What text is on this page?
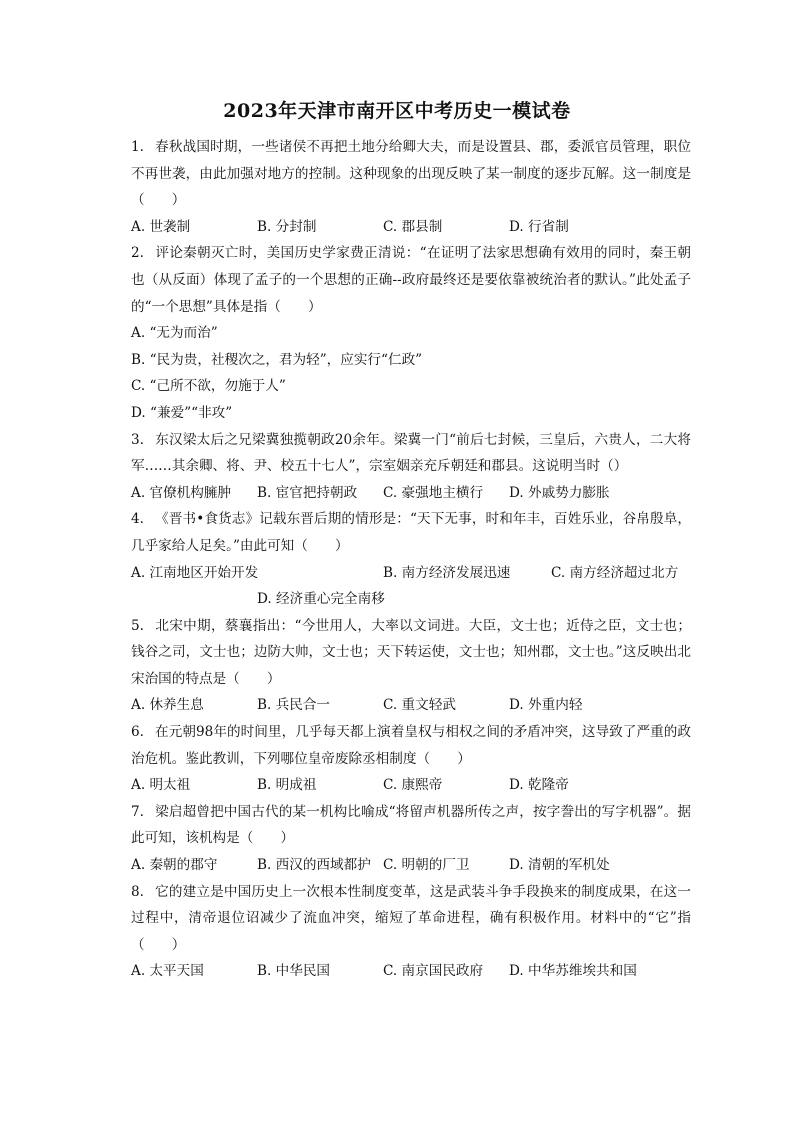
2023年天津市南开区中考历史一模试卷

1. 春秋战国时期，一些诸侯不再把土地分给卿大夫，而是设置县、郡，委派官员管理，职位不再世袭，由此加强对地方的控制。这种现象的出现反映了某一制度的逐步瓦解。这一制度是（　　）

A. 世袭制	B. 分封制	C. 郡县制	D. 行省制

2. 评论秦朝灭亡时，美国历史学家费正清说：“在证明了法家思想确有效用的同时，秦王朝也（从反面）体现了孟子的一个思想的正确--政府最终还是要依靠被统治者的默认。”此处孟子的“一个思想”具体是指（　　）

A. “无为而治”
B. “民为贵，社稷次之，君为轻”，应实行“仁政”
C. “己所不欲，勿施于人”
D. “兼爱”“非攻”

3. 东汉梁太后之兄梁冀独揽朝政20余年。梁冀一门“前后七封候，三皇后，六贵人，二大将军……其余卿、将、尹、校五十七人”，宗室姻亲充斥朝廷和郡县。这说明当时（）

A. 官僚机构臃肿	B. 宦官把持朝政	C. 豪强地主横行	D. 外戚势力膨胀

4. 《晋书•食货志》记载东晋后期的情形是：“天下无事，时和年丰，百姓乐业，谷帛殷阜，几乎家给人足矣。”由此可知（　　）

A. 江南地区开始开发	B. 南方经济发展迅速	C. 南方经济超过北方
D. 经济重心完全南移

5. 北宋中期，蔡襄指出：“今世用人，大率以文词进。大臣，文士也；近侍之臣，文士也；钱谷之司，文士也；边防大帅，文士也；天下转运使，文士也；知州郡，文士也。”这反映出北宋治国的特点是（　　）

A. 休养生息	B. 兵民合一	C. 重文轻武	D. 外重内轻

6. 在元朝98年的时间里，几乎每天都上演着皇权与相权之间的矛盾冲突，这导致了严重的政治危机。鉴此教训，下列哪位皇帝废除丞相制度（　　）

A. 明太祖	B. 明成祖	C. 康熙帝	D. 乾隆帝

7. 梁启超曾把中国古代的某一机构比喻成“将留声机器所传之声，按字誊出的写字机器”。据此可知，该机构是（　　）

A. 秦朝的郡守	B. 西汉的西域都护 C. 明朝的厂卫	D. 清朝的军机处

8. 它的建立是中国历史上一次根本性制度变革，这是武装斗争手段换来的制度成果，在这一过程中，清帝退位诏减少了流血冲突，缩短了革命进程，确有积极作用。材料中的“它”指（　　）

A. 太平天国	B. 中华民国	C. 南京国民政府	D. 中华苏维埃共和国
